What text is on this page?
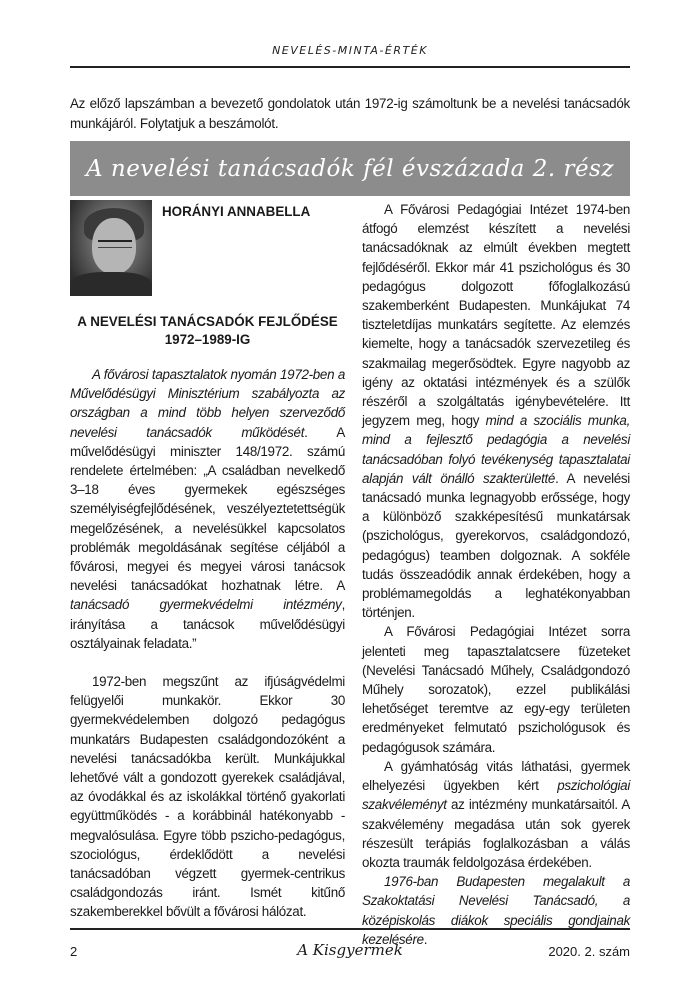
NEVELÉS-MINTA-ÉRTÉK
Az előző lapszámban a bevezető gondolatok után 1972-ig számoltunk be a nevelési tanácsadók munkájáról. Folytatjuk a beszámolót.
A nevelési tanácsadók fél évszázada 2. rész
HORÁNYI ANNABELLA
A NEVELÉSI TANÁCSADÓK FEJLŐDÉSE 1972–1989-IG

A fővárosi tapasztalatok nyomán 1972-ben a Művelődésügyi Minisztérium szabályozta az országban a mind több helyen szerveződő nevelési tanácsadók működését. A művelődésügyi miniszter 148/1972. számú rendelete értelmében: „A családban nevelkedő 3–18 éves gyermekek egészséges személyiségfejlődésének, veszélyeztetettségük megelőzésének, a nevelésükkel kapcsolatos problémák megoldásának segítése céljából a fővárosi, megyei és megyei városi tanácsok nevelési tanácsadókat hozhatnak létre. A tanácsadó gyermekvédelmi intézmény, irányítása a tanácsok művelődésügyi osztályainak feladata.”

1972-ben megszűnt az ifjúságvédelmi felügyelői munkakör. Ekkor 30 gyermekvédelemben dolgozó pedagógus munkatárs Budapesten családgondozóként a nevelési tanácsadókba került. Munkájukkal lehetővé vált a gondozott gyerekek családjával, az óvodákkal és az iskolákkal történő gyakorlati együttműködés - a korábbinál hatékonyabb - megvalósulása. Egyre több pszicho-pedagógus, szociológus, érdeklődött a nevelési tanácsadóban végzett gyermek-centrikus családgondozás iránt. Ismét kitűnő szakemberekkel bővült a fővárosi hálózat.

A Fővárosi Pedagógiai Intézet 1974-ben átfogó elemzést készített a nevelési tanácsadóknak az elmúlt években megtett fejlődéséről. Ekkor már 41 pszichológus és 30 pedagógus dolgozott főfoglalkozású szakemberként Budapesten. Munkájukat 74 tiszteletdíjas munkatárs segítette. Az elemzés kiemelte, hogy a tanácsadók szervezetileg és szakmailag megerősödtek. Egyre nagyobb az igény az oktatási intézmények és a szülők részéről a szolgáltatás igénybevételére. Itt jegyzem meg, hogy mind a szociális munka, mind a fejlesztő pedagógia a nevelési tanácsadóban folyó tevékenység tapasztalatai alapján vált önálló szakterületté. A nevelési tanácsadó munka legnagyobb erőssége, hogy a különböző szakképesítésű munkatársak (pszichológus, gyerekorvos, családgondozó, pedagógus) teamben dolgoznak. A sokféle tudás összeadódik annak érdekében, hogy a problémamegoldás a leghatékonyabban történjen.

A Fővárosi Pedagógiai Intézet sorra jelenteti meg tapasztalatcsere füzeteket (Nevelési Tanácsadó Műhely, Családgondozó Műhely sorozatok), ezzel publikálási lehetőséget teremtve az egy-egy területen eredményeket felmutató pszichológusok és pedagógusok számára.

A gyámhatóság vitás láthatási, gyermek elhelyezési ügyekben kért pszichológiai szakvéleményt az intézmény munkatársaitól. A szakvélemény megadása után sok gyerek részesült terápiás foglalkozásban a válás okozta traumák feldolgozása érdekében.

1976-ban Budapesten megalakult a Szakoktatási Nevelési Tanácsadó, a középiskolás diákok speciális gondjainak kezelésére.

2	A Kisgyermek	2020. 2. szám
